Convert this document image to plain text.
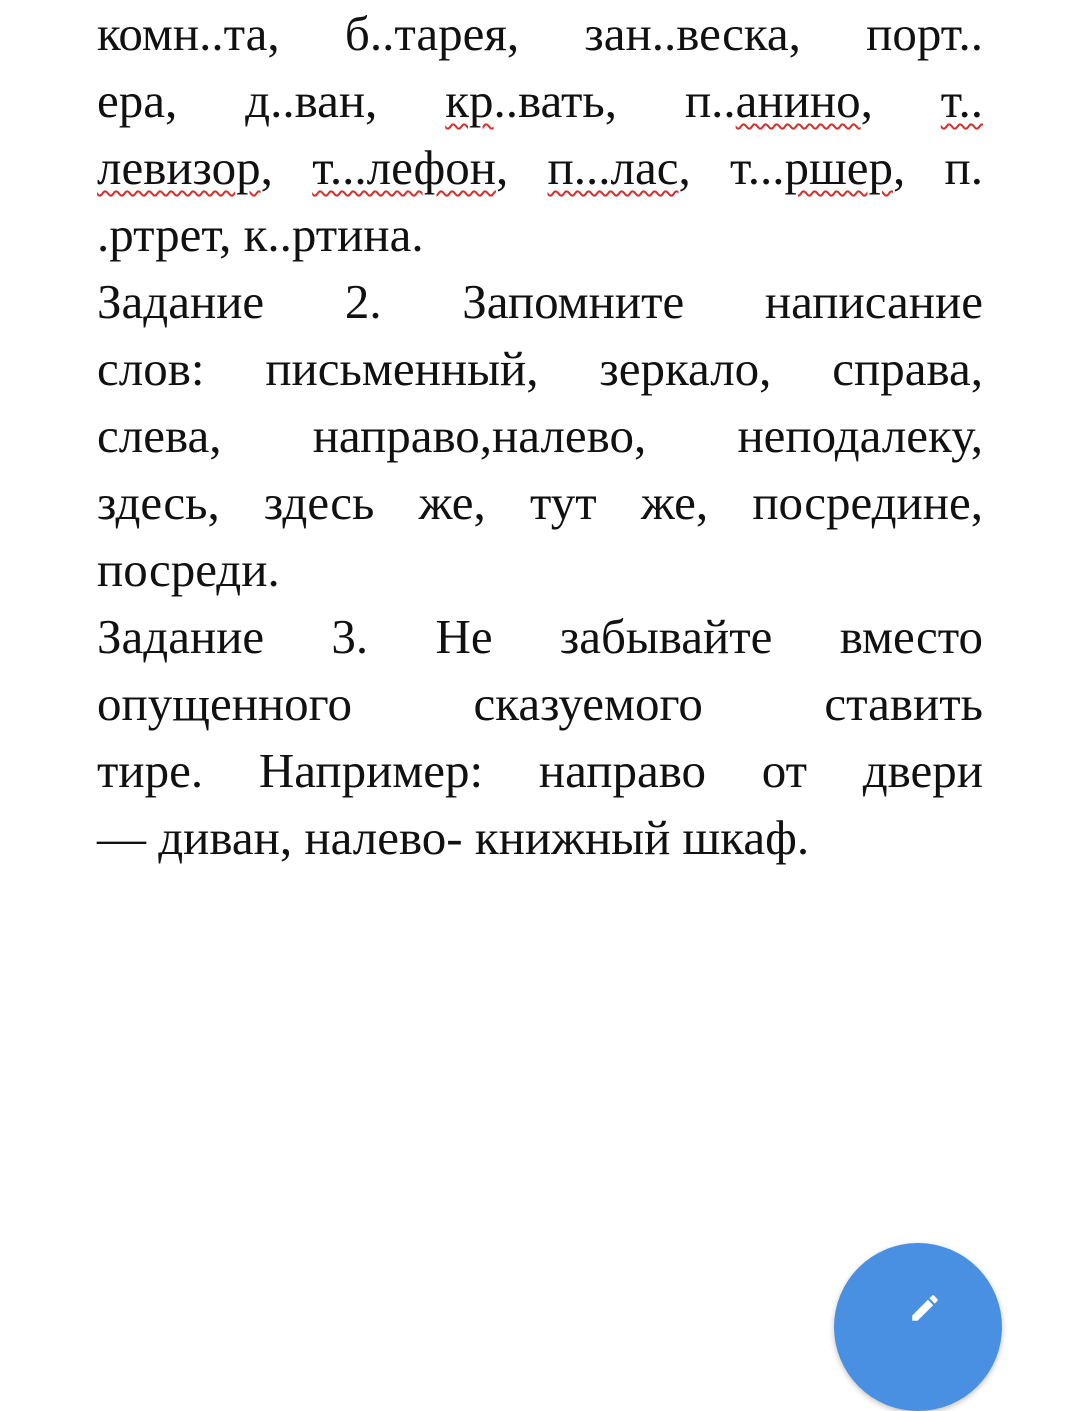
комн..та, б..тарея, зан..веска, порт..
ера, д..ван, кр..вать, п..анино, т..
левизор, т...лефон, п...лас, т...ршер, п.
.ртрет, к..ртина.
Задание 2. Запомните написание
слов: письменный, зеркало, справа,
слева, направо,налево, неподалеку,
здесь, здесь же, тут же, посредине,
посреди.
Задание 3. Не забывайте вместо
опущенного сказуемого ставить
тире. Например: направо от двери
— диван, налево- книжный шкаф.
